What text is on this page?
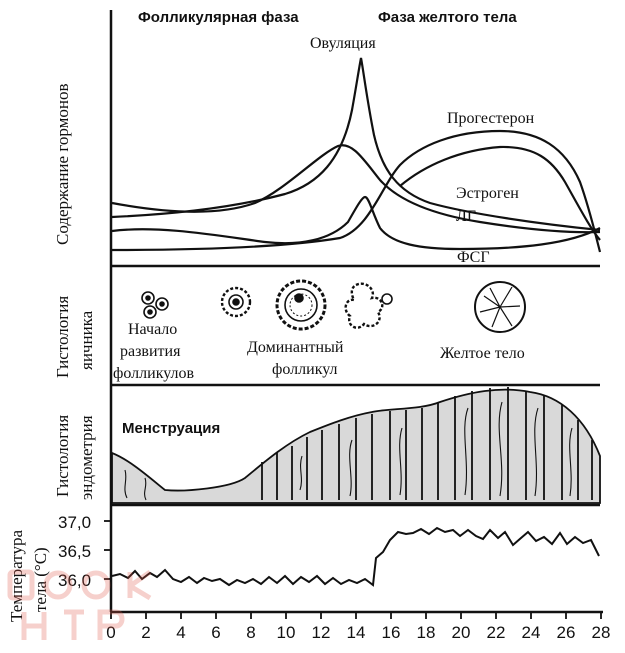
Фолликулярная фаза	Фаза желтого тела
Содержание гормонов
Гистология яичника
Гистология эндометрия
Температура тела (°С)
Овуляция
Прогестерон
Эстроген
ЛГ
ФСГ
Начало
развития
фолликулов
Доминантный
фолликул
Желтое тело
Менструация
37,0
36,5
36,0
0 2 4 6 8 10 12 14 16 18 20 22 24 26 28
